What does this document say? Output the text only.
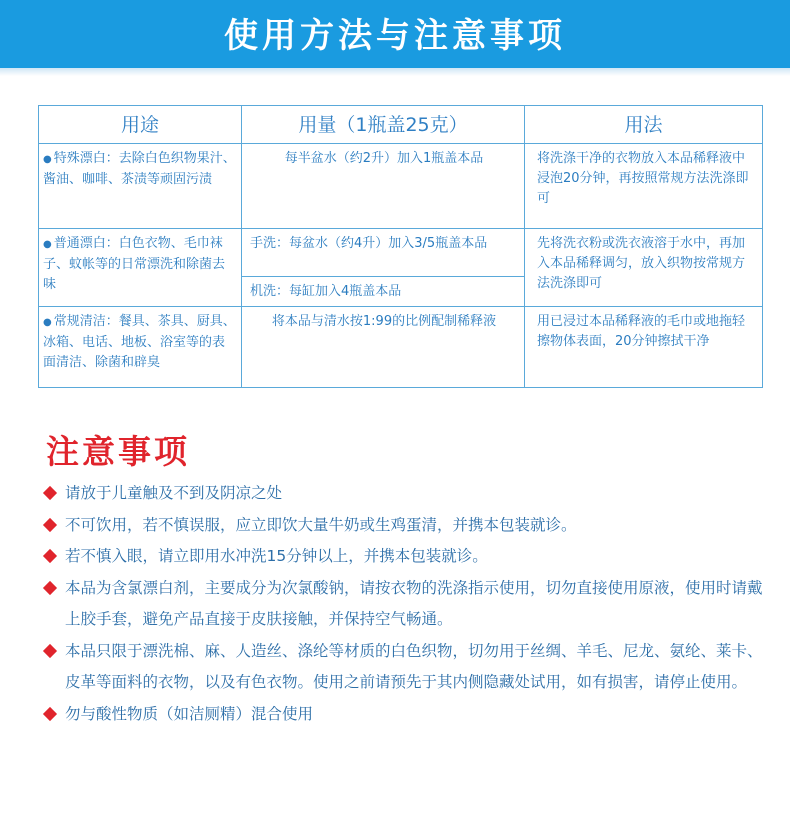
使用方法与注意事项
用途	用量（1瓶盖25克）	用法
● 特殊漂白：去除白色织物果汁、酱油、咖啡、茶渍等顽固污渍	每半盆水（约2升）加入1瓶盖本品	将洗涤干净的衣物放入本品稀释液中浸泡20分钟，再按照常规方法洗涤即可
● 普通漂白：白色衣物、毛巾袜子、蚊帐等的日常漂洗和除菌去味	手洗：每盆水（约4升）加入3/5瓶盖本品	先将洗衣粉或洗衣液溶于水中，再加入本品稀释调匀，放入织物按常规方法洗涤即可
	机洗：每缸加入4瓶盖本品	
● 常规清洁：餐具、茶具、厨具、冰箱、电话、地板、浴室等的表面清洁、除菌和辟臭	将本品与清水按1:99的比例配制稀释液	用已浸过本品稀释液的毛巾或地拖轻擦物体表面，20分钟擦拭干净
注意事项
请放于儿童触及不到及阴凉之处
不可饮用，若不慎误服，应立即饮大量牛奶或生鸡蛋清，并携本包装就诊。
若不慎入眼，请立即用水冲洗15分钟以上，并携本包装就诊。
本品为含氯漂白剂，主要成分为次氯酸钠，请按衣物的洗涤指示使用，切勿直接使用原液，使用时请戴上胶手套，避免产品直接于皮肤接触，并保持空气畅通。
本品只限于漂洗棉、麻、人造丝、涤纶等材质的白色织物，切勿用于丝绸、羊毛、尼龙、氨纶、莱卡、皮革等面料的衣物，以及有色衣物。使用之前请预先于其内侧隐藏处试用，如有损害，请停止使用。
勿与酸性物质（如洁厕精）混合使用
